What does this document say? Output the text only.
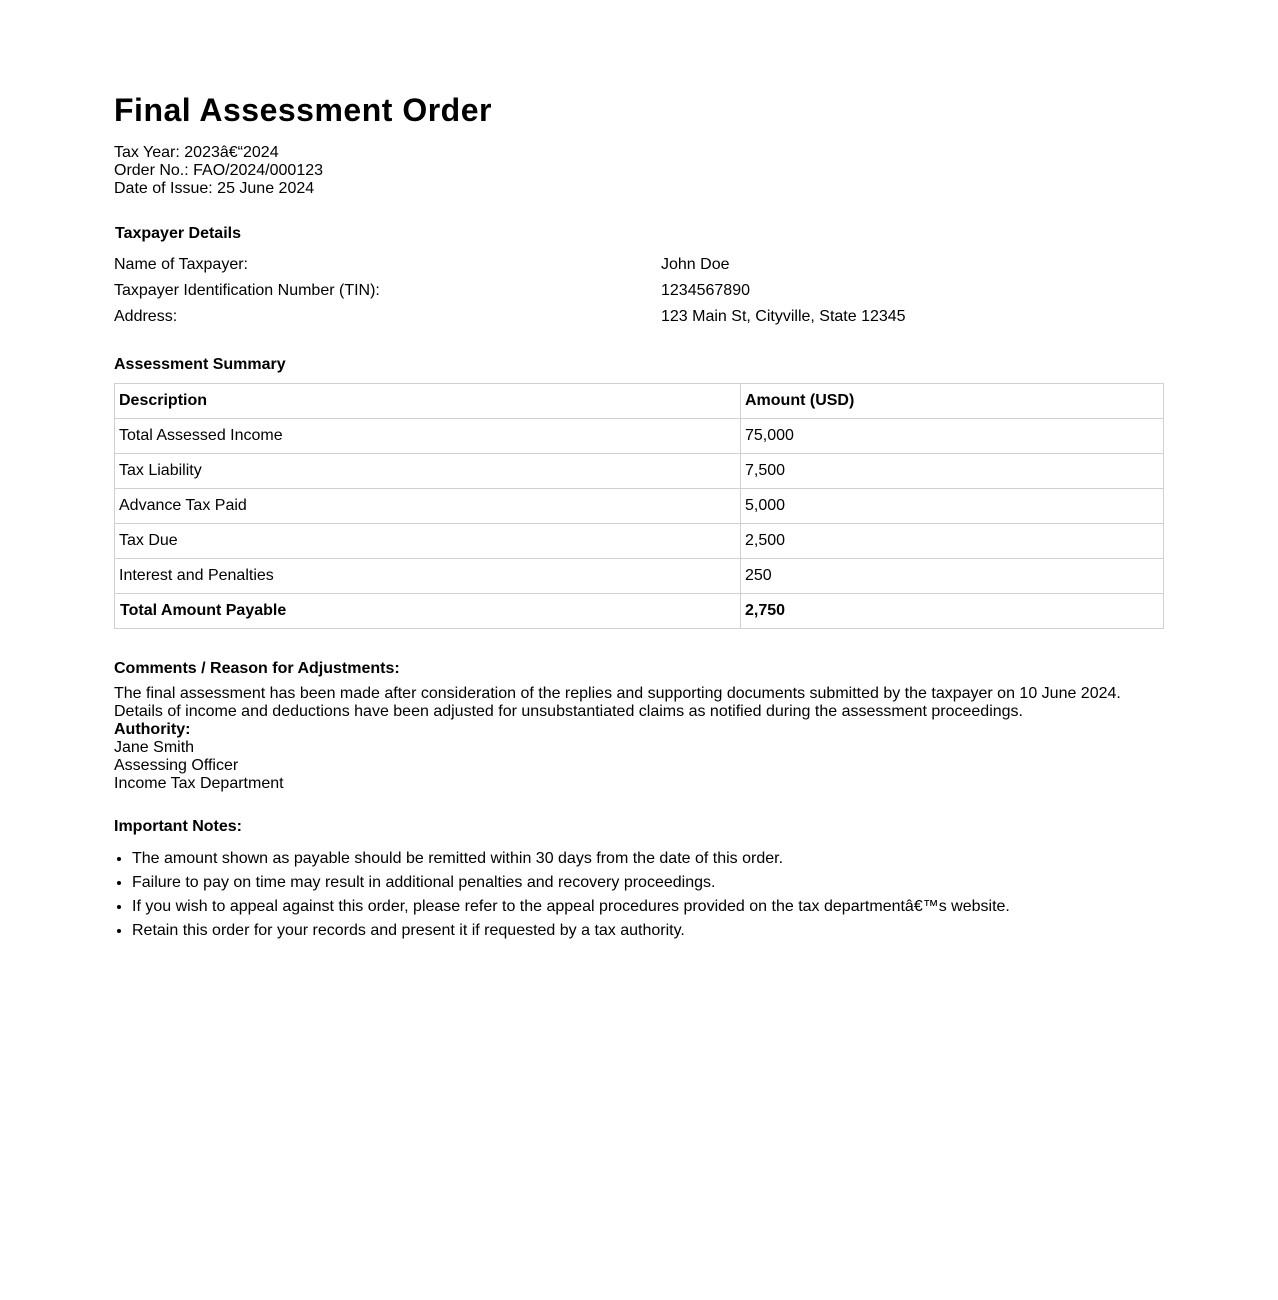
Final Assessment Order
Tax Year: 2023â€“2024
Order No.: FAO/2024/000123
Date of Issue: 25 June 2024
Taxpayer Details
Name of Taxpayer:	John Doe
Taxpayer Identification Number (TIN):	1234567890
Address:	123 Main St, Cityville, State 12345
Assessment Summary
Description	Amount (USD)
Total Assessed Income	75,000
Tax Liability	7,500
Advance Tax Paid	5,000
Tax Due	2,500
Interest and Penalties	250
Total Amount Payable	2,750
Comments / Reason for Adjustments:
The final assessment has been made after consideration of the replies and supporting documents submitted by the taxpayer on 10 June 2024.
Details of income and deductions have been adjusted for unsubstantiated claims as notified during the assessment proceedings.
Authority:
Jane Smith
Assessing Officer
Income Tax Department
Important Notes:
• The amount shown as payable should be remitted within 30 days from the date of this order.
• Failure to pay on time may result in additional penalties and recovery proceedings.
• If you wish to appeal against this order, please refer to the appeal procedures provided on the tax departmentâ€™s website.
• Retain this order for your records and present it if requested by a tax authority.
